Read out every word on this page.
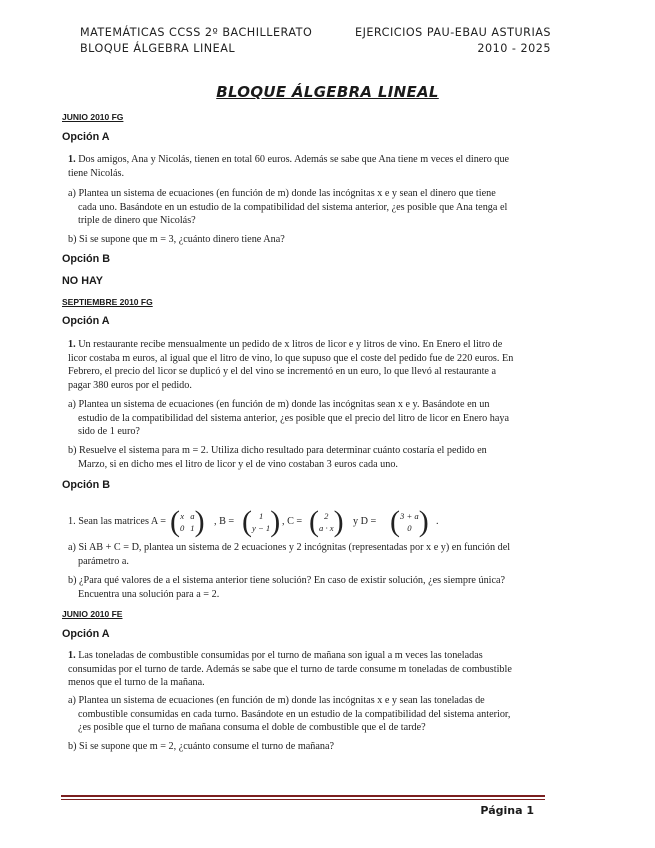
MATEMÁTICAS CCSS 2º BACHILLERATO
BLOQUE ÁLGEBRA LINEAL
EJERCICIOS PAU-EBAU ASTURIAS
2010 - 2025
BLOQUE ÁLGEBRA LINEAL
JUNIO 2010 FG
Opción A
1. Dos amigos, Ana y Nicolás, tienen en total 60 euros. Además se sabe que Ana tiene m veces el dinero que tiene Nicolás.
a) Plantea un sistema de ecuaciones (en función de m) donde las incógnitas x e y sean el dinero que tiene cada uno. Basándote en un estudio de la compatibilidad del sistema anterior, ¿es posible que Ana tenga el triple de dinero que Nicolás?
b) Si se supone que m = 3, ¿cuánto dinero tiene Ana?
Opción B
NO HAY
SEPTIEMBRE 2010 FG
Opción A
1. Un restaurante recibe mensualmente un pedido de x litros de licor e y litros de vino. En Enero el litro de licor costaba m euros, al igual que el litro de vino, lo que supuso que el coste del pedido fue de 220 euros. En Febrero, el precio del licor se duplicó y el del vino se incrementó en un euro, lo que llevó al restaurante a pagar 380 euros por el pedido.
a) Plantea un sistema de ecuaciones (en función de m) donde las incógnitas sean x e y. Basándote en un estudio de la compatibilidad del sistema anterior, ¿es posible que el precio del litro de licor en Enero haya sido de 1 euro?
b) Resuelve el sistema para m = 2. Utiliza dicho resultado para determinar cuánto costaría el pedido en Marzo, si en dicho mes el litro de licor y el de vino costaban 3 euros cada uno.
Opción B
1. Sean las matrices A = ( x a
0 1 ) , B = ( 1
y − 1 ) , C = ( 2
a · x ) y D = ( 3 + a
0 ) .
a) Si AB + C = D, plantea un sistema de 2 ecuaciones y 2 incógnitas (representadas por x e y) en función del parámetro a.
b) ¿Para qué valores de a el sistema anterior tiene solución? En caso de existir solución, ¿es siempre única? Encuentra una solución para a = 2.
JUNIO 2010 FE
Opción A
1. Las toneladas de combustible consumidas por el turno de mañana son igual a m veces las toneladas consumidas por el turno de tarde. Además se sabe que el turno de tarde consume m toneladas de combustible menos que el turno de la mañana.
a) Plantea un sistema de ecuaciones (en función de m) donde las incógnitas x e y sean las toneladas de combustible consumidas en cada turno. Basándote en un estudio de la compatibilidad del sistema anterior, ¿es posible que el turno de mañana consuma el doble de combustible que el de tarde?
b) Si se supone que m = 2, ¿cuánto consume el turno de mañana?
Página 1
